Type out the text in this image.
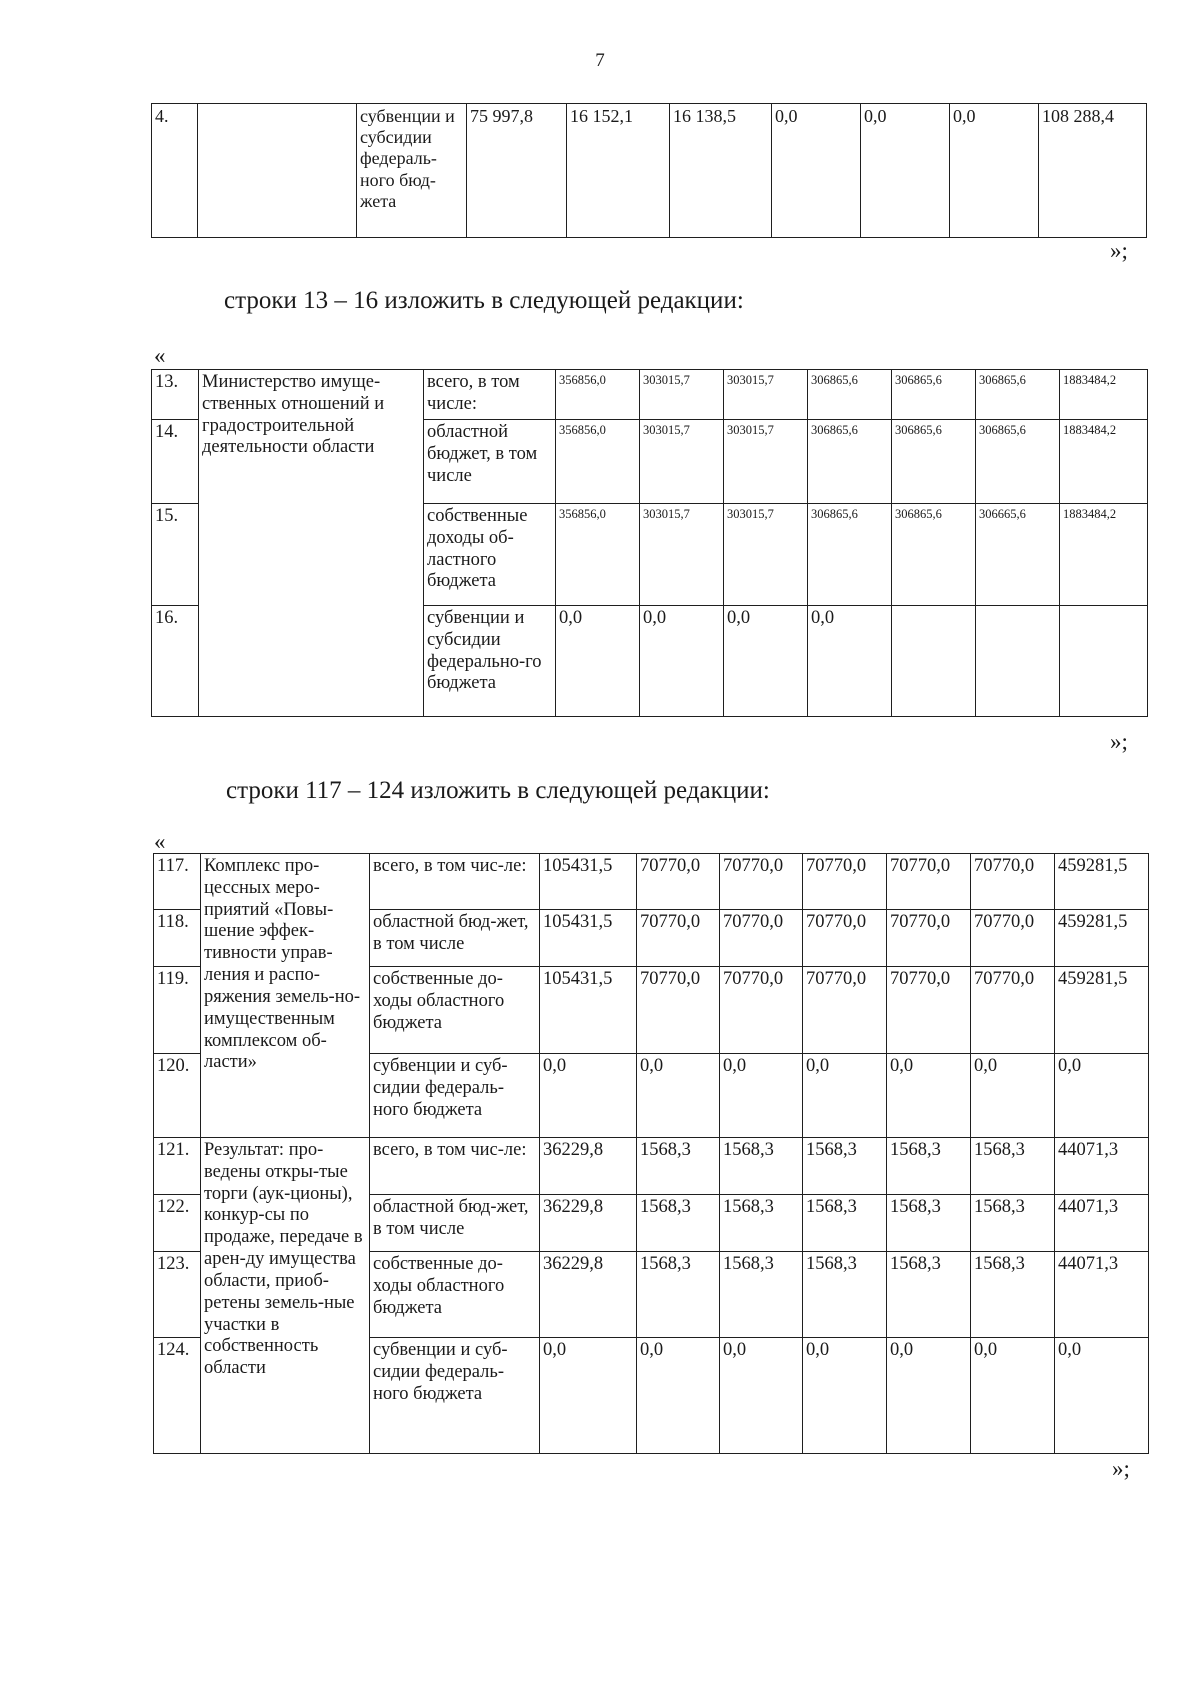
7
4.		субвенции и субсидии федераль-ного бюд-жета	75 997,8	16 152,1	16 138,5	0,0	0,0	0,0	108 288,4
»;
строки 13 – 16 изложить в следующей редакции:
«
13.	Министерство имуще-ственных отношений и градостроительной деятельности области	всего, в том числе:	356856,0	303015,7	303015,7	306865,6	306865,6	306865,6	1883484,2
14.		областной бюджет, в том числе	356856,0	303015,7	303015,7	306865,6	306865,6	306865,6	1883484,2
15.		собственные доходы об-ластного бюджета	356856,0	303015,7	303015,7	306865,6	306865,6	306665,6	1883484,2
16.		субвенции и субсидии федерально-го бюджета	0,0	0,0	0,0	0,0			
»;
строки 117 – 124 изложить в следующей редакции:
«
117.	Комплекс про-цессных меро-приятий «Повы-шение эффек-тивности управ-ления и распо-ряжения земель-но-имущественным комплексом об-ласти»	всего, в том чис-ле:	105431,5	70770,0	70770,0	70770,0	70770,0	70770,0	459281,5
118.		областной бюд-жет, в том числе	105431,5	70770,0	70770,0	70770,0	70770,0	70770,0	459281,5
119.		собственные до-ходы областного бюджета	105431,5	70770,0	70770,0	70770,0	70770,0	70770,0	459281,5
120.		субвенции и суб-сидии федераль-ного бюджета	0,0	0,0	0,0	0,0	0,0	0,0	0,0
121.	Результат: про-ведены откры-тые торги (аук-ционы), конкур-сы по продаже, передаче в арен-ду имущества области, приоб-ретены земель-ные участки в собственность области	всего, в том чис-ле:	36229,8	1568,3	1568,3	1568,3	1568,3	1568,3	44071,3
122.		областной бюд-жет, в том числе	36229,8	1568,3	1568,3	1568,3	1568,3	1568,3	44071,3
123.		собственные до-ходы областного бюджета	36229,8	1568,3	1568,3	1568,3	1568,3	1568,3	44071,3
124.		субвенции и суб-сидии федераль-ного бюджета	0,0	0,0	0,0	0,0	0,0	0,0	0,0
»;
